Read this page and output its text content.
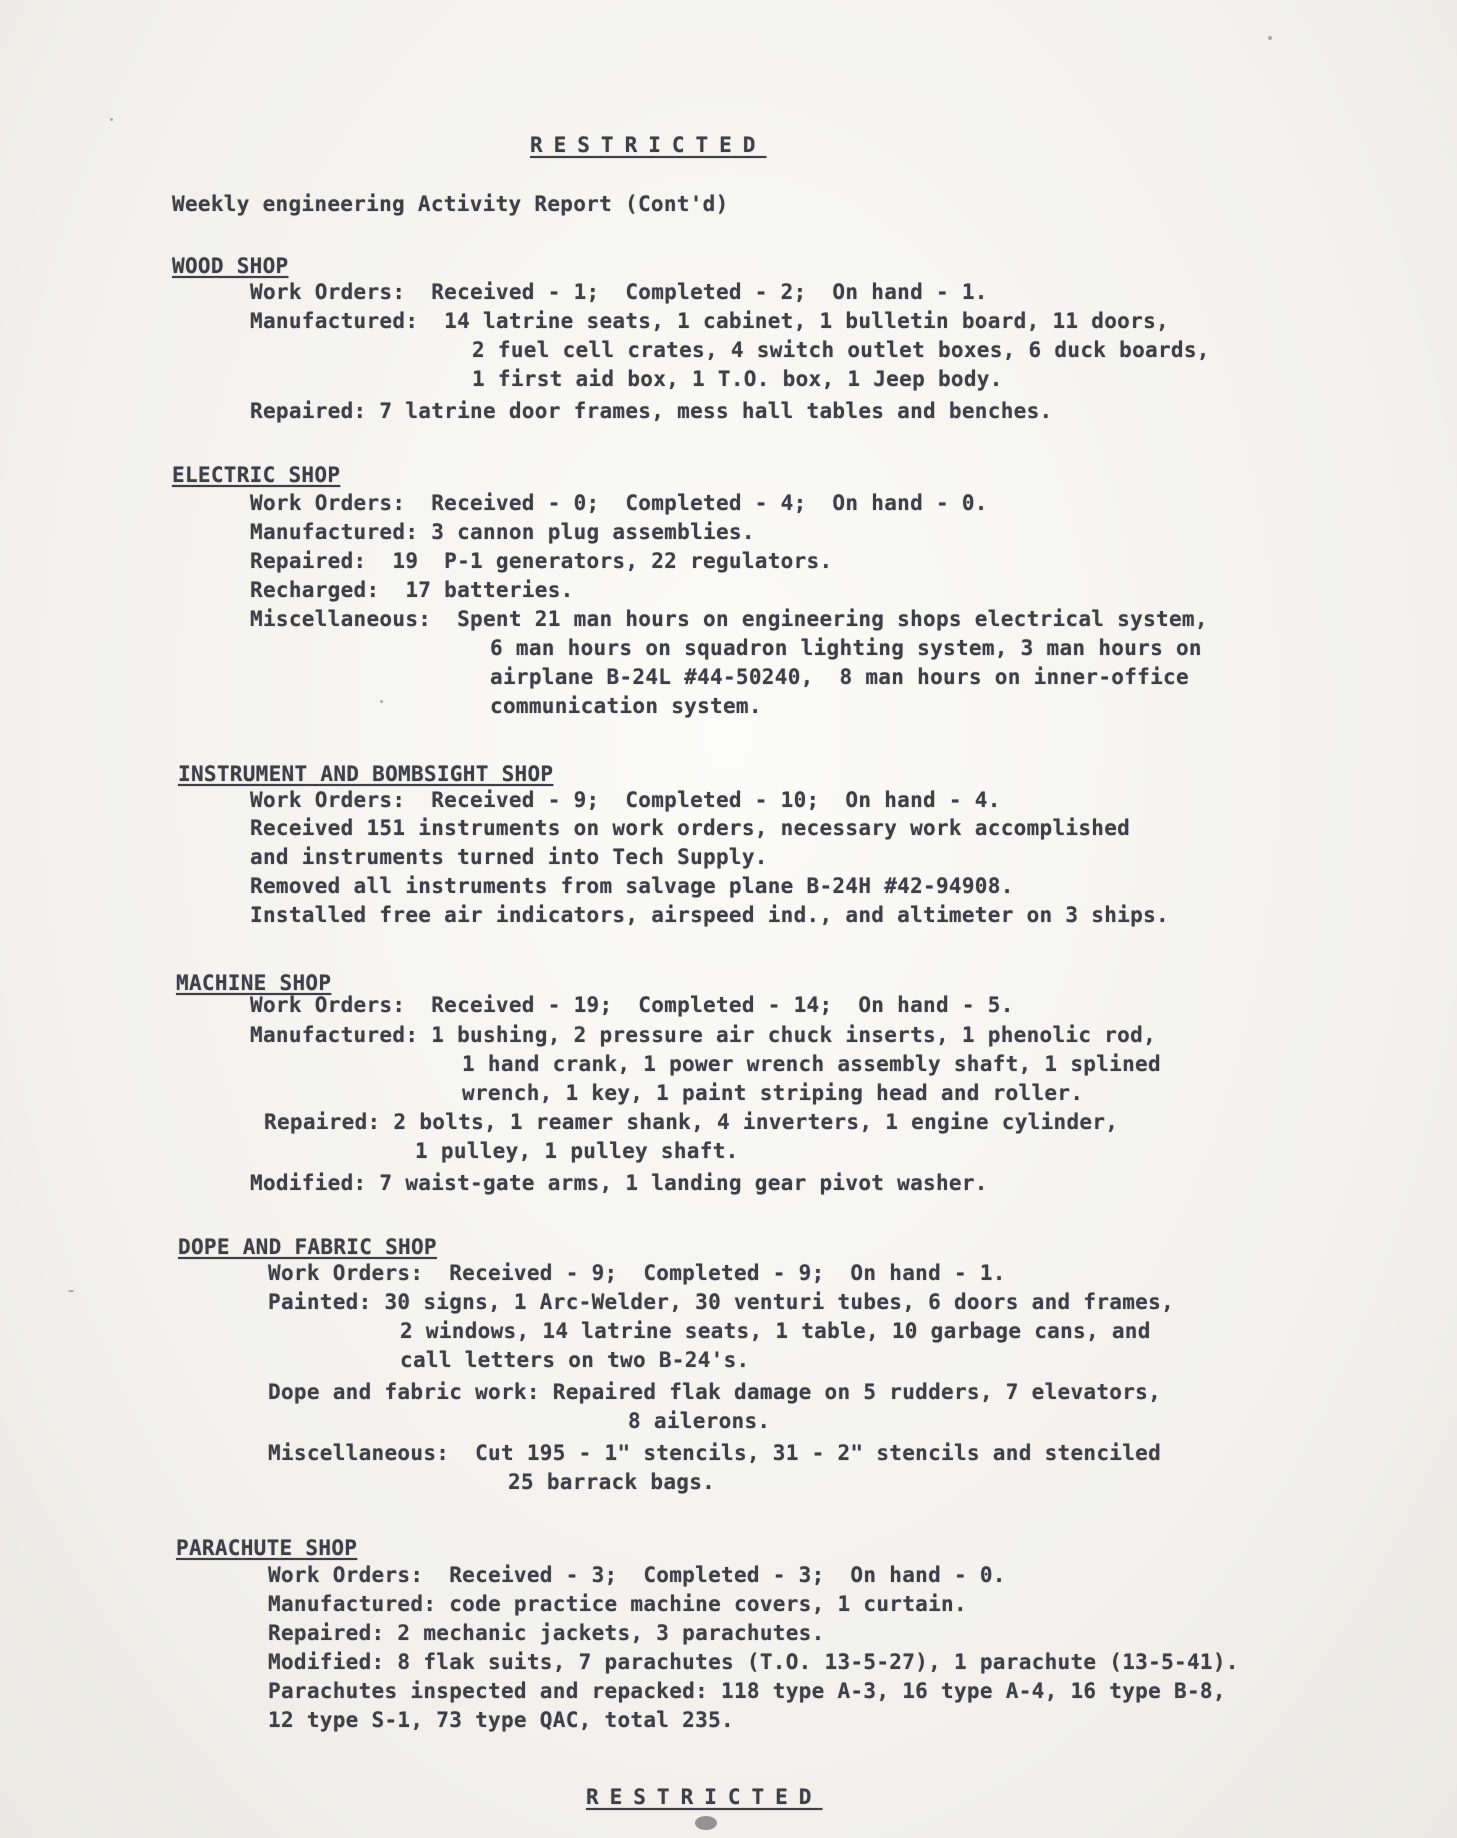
RESTRICTED
Weekly engineering Activity Report (Cont'd)
WOOD SHOP
Work Orders:  Received - 1;  Completed - 2;  On hand - 1.
Manufactured:  14 latrine seats, 1 cabinet, 1 bulletin board, 11 doors,
2 fuel cell crates, 4 switch outlet boxes, 6 duck boards,
1 first aid box, 1 T.O. box, 1 Jeep body.
Repaired: 7 latrine door frames, mess hall tables and benches.
ELECTRIC SHOP
Work Orders:  Received - 0;  Completed - 4;  On hand - 0.
Manufactured: 3 cannon plug assemblies.
Repaired:  19  P-1 generators, 22 regulators.
Recharged:  17 batteries.
Miscellaneous:  Spent 21 man hours on engineering shops electrical system,
6 man hours on squadron lighting system, 3 man hours on
airplane B-24L #44-50240,  8 man hours on inner-office
communication system.
INSTRUMENT AND BOMBSIGHT SHOP
Work Orders:  Received - 9;  Completed - 10;  On hand - 4.
Received 151 instruments on work orders, necessary work accomplished
and instruments turned into Tech Supply.
Removed all instruments from salvage plane B-24H #42-94908.
Installed free air indicators, airspeed ind., and altimeter on 3 ships.
MACHINE SHOP
Work Orders:  Received - 19;  Completed - 14;  On hand - 5.
Manufactured: 1 bushing, 2 pressure air chuck inserts, 1 phenolic rod,
1 hand crank, 1 power wrench assembly shaft, 1 splined
wrench, 1 key, 1 paint striping head and roller.
Repaired: 2 bolts, 1 reamer shank, 4 inverters, 1 engine cylinder,
1 pulley, 1 pulley shaft.
Modified: 7 waist-gate arms, 1 landing gear pivot washer.
DOPE AND FABRIC SHOP
Work Orders:  Received - 9;  Completed - 9;  On hand - 1.
Painted: 30 signs, 1 Arc-Welder, 30 venturi tubes, 6 doors and frames,
2 windows, 14 latrine seats, 1 table, 10 garbage cans, and
call letters on two B-24's.
Dope and fabric work: Repaired flak damage on 5 rudders, 7 elevators,
8 ailerons.
Miscellaneous:  Cut 195 - 1" stencils, 31 - 2" stencils and stenciled
25 barrack bags.
PARACHUTE SHOP
Work Orders:  Received - 3;  Completed - 3;  On hand - 0.
Manufactured: code practice machine covers, 1 curtain.
Repaired: 2 mechanic jackets, 3 parachutes.
Modified: 8 flak suits, 7 parachutes (T.O. 13-5-27), 1 parachute (13-5-41).
Parachutes inspected and repacked: 118 type A-3, 16 type A-4, 16 type B-8,
12 type S-1, 73 type QAC, total 235.
RESTRICTED
